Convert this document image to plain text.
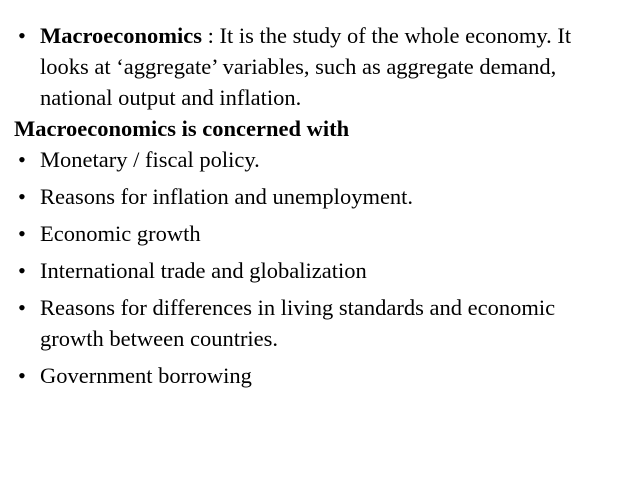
• Macroeconomics : It is the study of the whole economy. It looks at ‘aggregate’ variables, such as aggregate demand, national output and inflation.

Macroeconomics is concerned with

• Monetary / fiscal policy.

• Reasons for inflation and unemployment.

• Economic growth

• International trade and globalization

• Reasons for differences in living standards and economic growth between countries.

• Government borrowing
